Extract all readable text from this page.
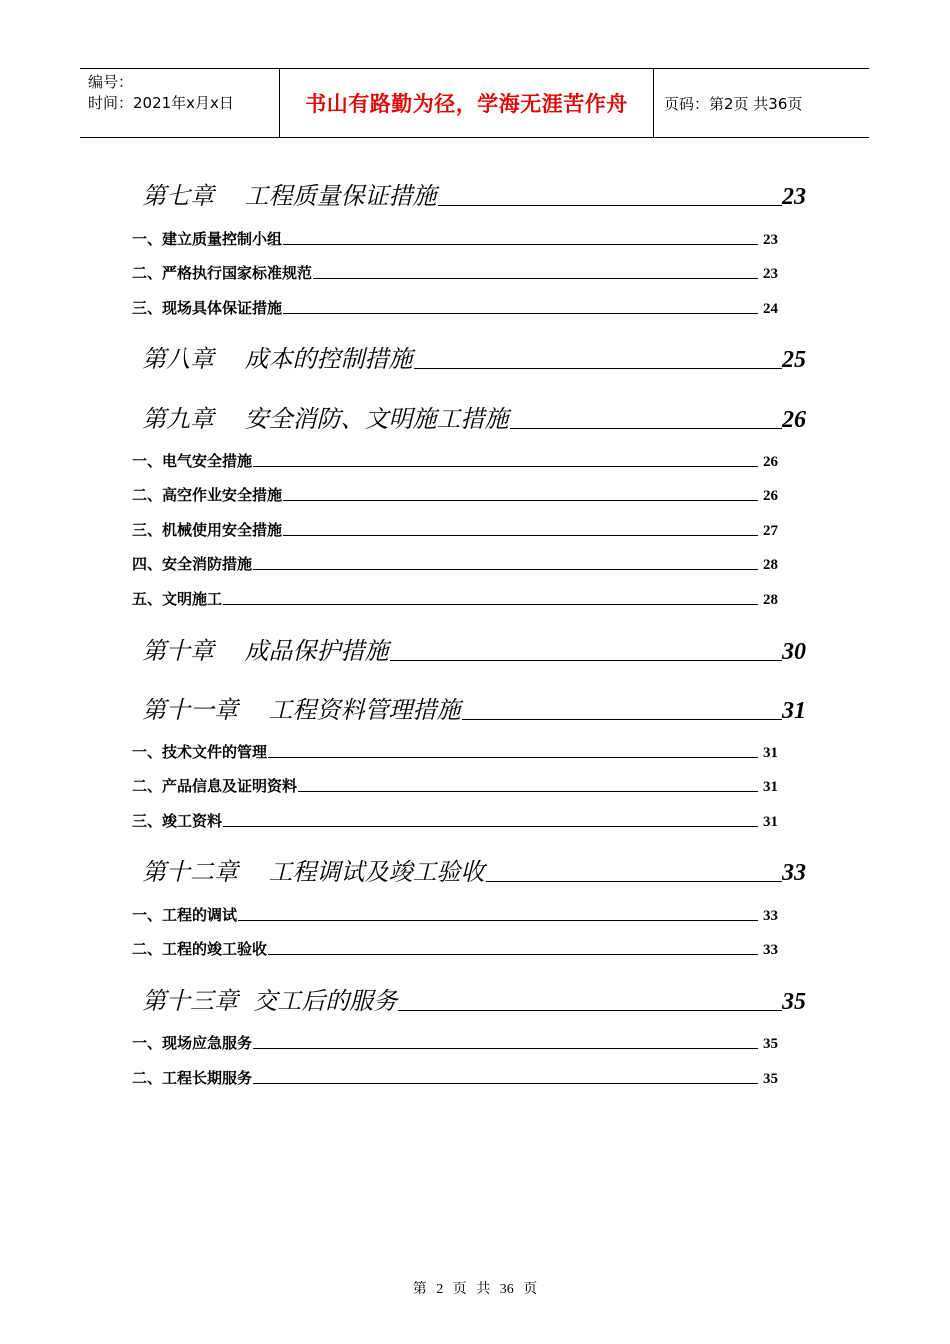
编号：
时间：2021年x月x日	书山有路勤为径，学海无涯苦作舟	页码：第2页 共36页
第七章    工程质量保证措施	23
一、建立质量控制小组	23
二、严格执行国家标准规范	23
三、现场具体保证措施	24
第八章    成本的控制措施	25
第九章    安全消防、文明施工措施	26
一、电气安全措施	26
二、高空作业安全措施	26
三、机械使用安全措施	27
四、安全消防措施	28
五、文明施工	28
第十章    成品保护措施	30
第十一章    工程资料管理措施	31
一、技术文件的管理	31
二、产品信息及证明资料	31
三、竣工资料	31
第十二章    工程调试及竣工验收	33
一、工程的调试	33
二、工程的竣工验收	33
第十三章  交工后的服务	35
一、现场应急服务	35
二、工程长期服务	35
第 2 页 共 36 页
